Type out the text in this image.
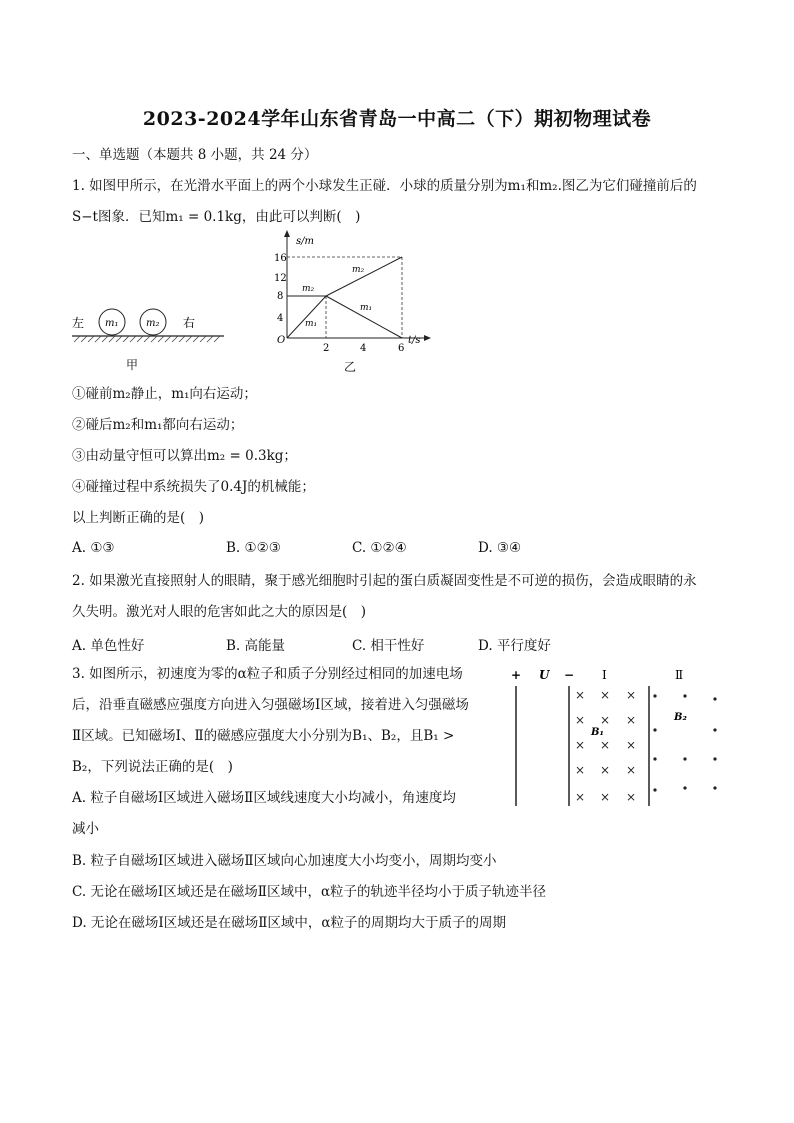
2023-2024学年山东省青岛一中高二（下）期初物理试卷
一、单选题（本题共 8 小题，共 24 分）
1. 如图甲所示，在光滑水平面上的两个小球发生正碰．小球的质量分别为m₁和m₂.图乙为它们碰撞前后的
S−t图象．已知m₁ = 0.1kg，由此可以判断(　)
左	右
m₁	m₂
甲
s/m
t/s
O
16
12
8
4
2	4	6
m₂
m₁
m₂
m₁
乙
①碰前m₂静止，m₁向右运动；
②碰后m₂和m₁都向右运动；
③由动量守恒可以算出m₂ = 0.3kg；
④碰撞过程中系统损失了0.4J的机械能；
以上判断正确的是(　)
A. ①③	B. ①②③	C. ①②④	D. ③④
2. 如果激光直接照射人的眼睛，聚于感光细胞时引起的蛋白质凝固变性是不可逆的损伤，会造成眼睛的永
久失明。激光对人眼的危害如此之大的原因是(　)
A. 单色性好	B. 高能量	C. 相干性好	D. 平行度好
3. 如图所示，初速度为零的α粒子和质子分别经过相同的加速电场
后，沿垂直磁感应强度方向进入匀强磁场Ⅰ区域，接着进入匀强磁场
Ⅱ区域。已知磁场Ⅰ、Ⅱ的磁感应强度大小分别为B₁、B₂，且B₁ >
B₂，下列说法正确的是(　)
A. 粒子自磁场Ⅰ区域进入磁场Ⅱ区域线速度大小均减小，角速度均
减小
B. 粒子自磁场Ⅰ区域进入磁场Ⅱ区域向心加速度大小均变小，周期均变小
C. 无论在磁场Ⅰ区域还是在磁场Ⅱ区域中，α粒子的轨迹半径均小于质子轨迹半径
D. 无论在磁场Ⅰ区域还是在磁场Ⅱ区域中，α粒子的周期均大于质子的周期
+ U − Ⅰ	Ⅱ
× × ×
× × ×
× × ×
× × ×
× × ×
B₁
B₂
